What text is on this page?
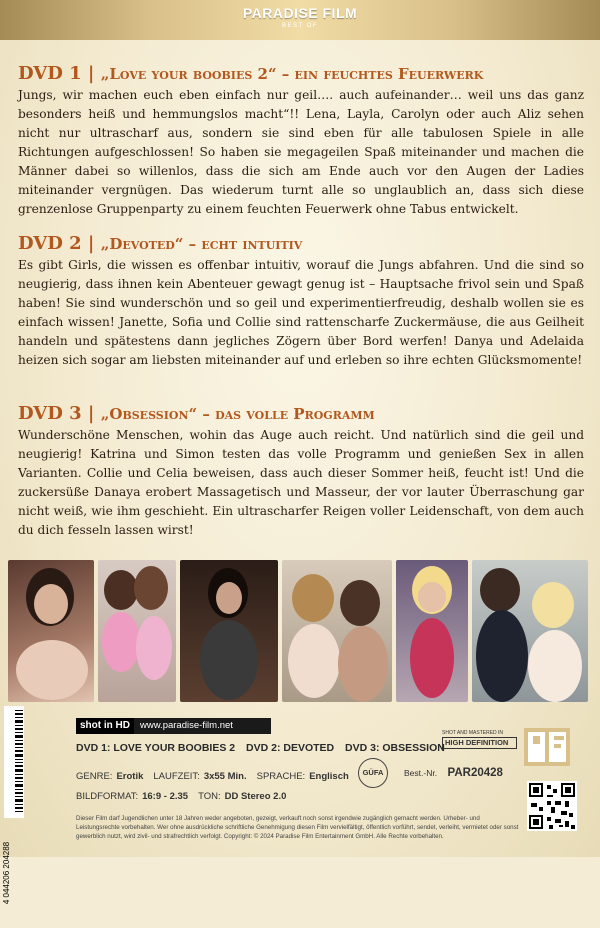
PARADISE FILM
BEST OF
DVD 1 | „Love your boobies 2“ – ein feuchtes Feuerwerk

Jungs, wir machen euch eben einfach nur geil…. auch aufeinander… weil uns das ganz besonders heiß und hemmungslos macht“!! Lena, Layla, Carolyn oder auch Aliz sehen nicht nur ultrascharf aus, sondern sie sind eben für alle tabulosen Spiele in alle Richtungen aufgeschlossen! So haben sie megageilen Spaß miteinander und machen die Männer dabei so willenlos, dass die sich am Ende auch vor den Augen der Ladies miteinander vergnügen. Das wiederum turnt alle so unglaublich an, dass sich diese grenzenlose Gruppenparty zu einem feuchten Feuerwerk ohne Tabus entwickelt.

DVD 2 | „Devoted“ – echt intuitiv

Es gibt Girls, die wissen es offenbar intuitiv, worauf die Jungs abfahren. Und die sind so neugierig, dass ihnen kein Abenteuer gewagt genug ist – Hauptsache frivol sein und Spaß haben! Sie sind wunderschön und so geil und experimentierfreudig, deshalb wollen sie es einfach wissen! Janette, Sofia und Collie sind rattenscharfe Zuckermäuse, die aus Geilheit handeln und spätestens dann jegliches Zögern über Bord werfen! Danya und Adelaida heizen sich sogar am liebsten miteinander auf und erleben so ihre echten Glücksmomente!

DVD 3 | „Obsession“ – das volle Programm

Wunderschöne Menschen, wohin das Auge auch reicht. Und natürlich sind die geil und neugierig! Katrina und Simon testen das volle Programm und genießen Sex in allen Varianten. Collie und Celia beweisen, dass auch dieser Sommer heiß, feucht ist! Und die zuckersüße Danaya erobert Massagetisch und Masseur, der vor lauter Überraschung gar nicht weiß, wie ihm geschieht. Ein ultrascharfer Reigen voller Leidenschaft, von dem auch du dich fesseln lassen wirst!

4 044206 204288
shot in HD	www.paradise-film.net
DVD 1: LOVE YOUR BOOBIES 2 DVD 2: DEVOTED DVD 3: OBSESSION
GENRE: Erotik LAUFZEIT: 3x55 Min. SPRACHE: Englisch
BILDFORMAT: 16:9 - 2.35 TON: DD Stereo 2.0
SHOT AND MASTERED IN
HIGH DEFINITION
GÜFA	Best.-Nr. PAR20428
Dieser Film darf Jugendlichen unter 18 Jahren weder angeboten, gezeigt, verkauft noch sonst irgendwie zugänglich gemacht werden. Urheber- und Leistungsrechte vorbehalten. Wer ohne ausdrückliche schriftliche Genehmigung diesen Film vervielfältigt, öffentlich vorführt, sendet, verleiht, vermietet oder sonst gewerblich nutzt, wird zivil- und strafrechtlich verfolgt. Copyright: © 2024 Paradise Film Entertainment GmbH. Alle Rechte vorbehalten.
